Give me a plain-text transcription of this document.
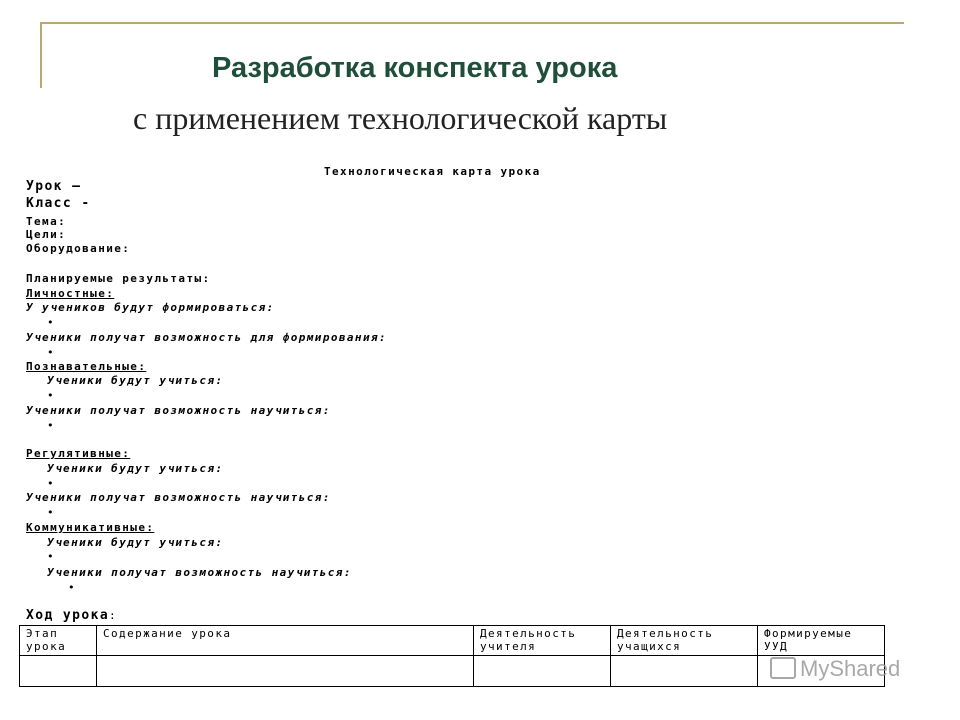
Разработка конспекта урока
с применением технологической карты
Технологическая карта урока
Урок –
Класс -
Тема:
Цели:
Оборудование:
Планируемые результаты:
Личностные:
У учеников будут формироваться:
•
Ученики получат возможность для формирования:
•
Познавательные:
Ученики будут учиться:
•
Ученики получат возможность научиться:
•
Регулятивные:
Ученики будут учиться:
•
Ученики получат возможность научиться:
•
Коммуникативные:
Ученики будут учиться:
•
Ученики получат возможность научиться:
•
Ход урока:
Этап урока	Содержание урока	Деятельность учителя	Деятельность учащихся	Формируемые УУД

MyShared
